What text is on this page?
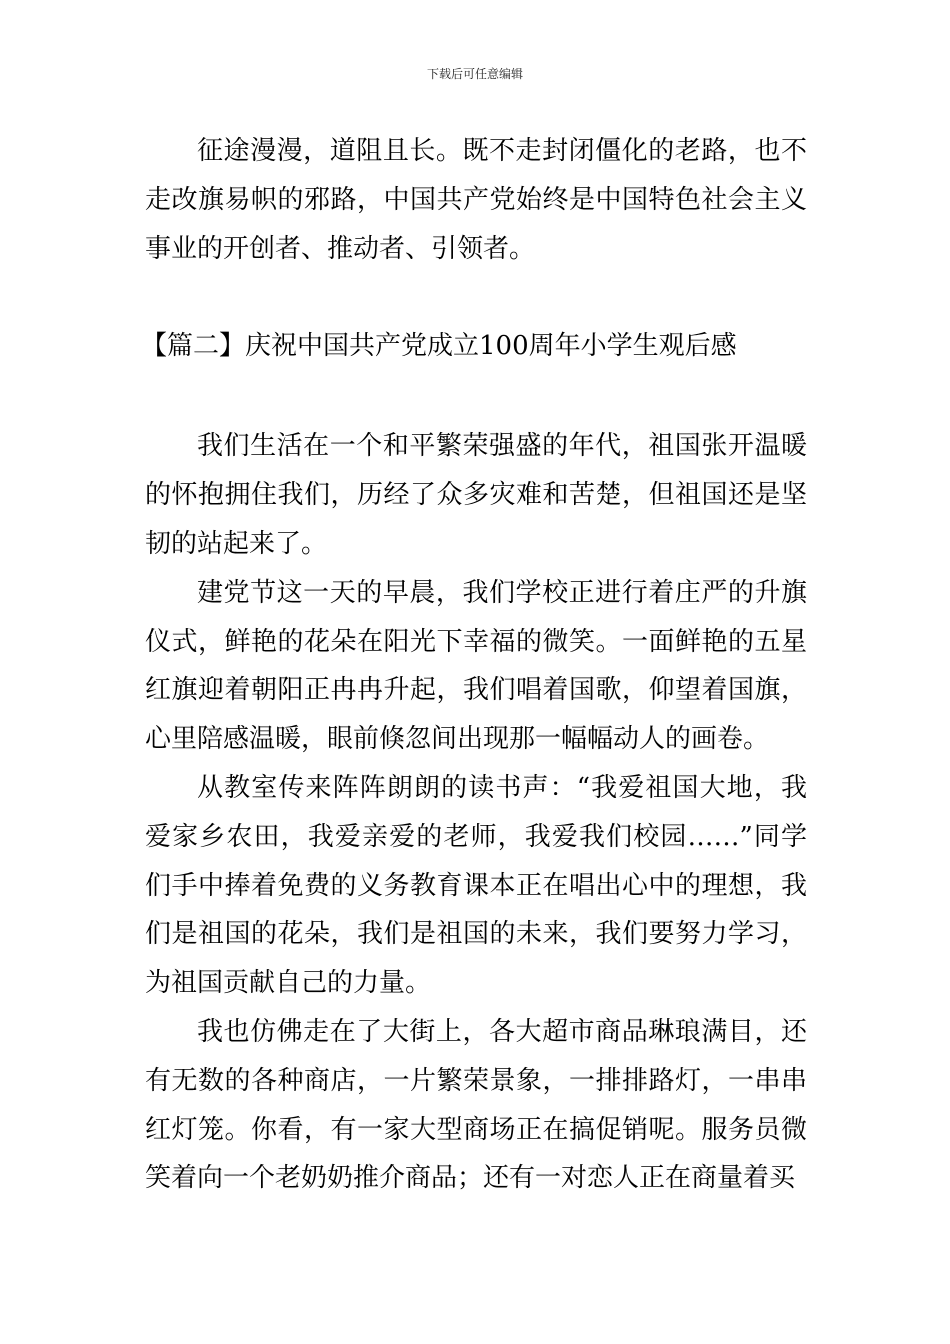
下载后可任意编辑

征途漫漫，道阻且长。既不走封闭僵化的老路，也不走改旗易帜的邪路，中国共产党始终是中国特色社会主义事业的开创者、推动者、引领者。

【篇二】庆祝中国共产党成立100周年小学生观后感

我们生活在一个和平繁荣强盛的年代，祖国张开温暖的怀抱拥住我们，历经了众多灾难和苦楚，但祖国还是坚韧的站起来了。

建党节这一天的早晨，我们学校正进行着庄严的升旗仪式，鲜艳的花朵在阳光下幸福的微笑。一面鲜艳的五星红旗迎着朝阳正冉冉升起，我们唱着国歌，仰望着国旗，心里陪感温暖，眼前倏忽间出现那一幅幅动人的画卷。

从教室传来阵阵朗朗的读书声：“我爱祖国大地，我爱家乡农田，我爱亲爱的老师，我爱我们校园……”同学们手中捧着免费的义务教育课本正在唱出心中的理想，我们是祖国的花朵，我们是祖国的未来，我们要努力学习，为祖国贡献自己的力量。

我也仿佛走在了大街上，各大超市商品琳琅满目，还有无数的各种商店，一片繁荣景象，一排排路灯，一串串红灯笼。你看，有一家大型商场正在搞促销呢。服务员微笑着向一个老奶奶推介商品；还有一对恋人正在商量着买
